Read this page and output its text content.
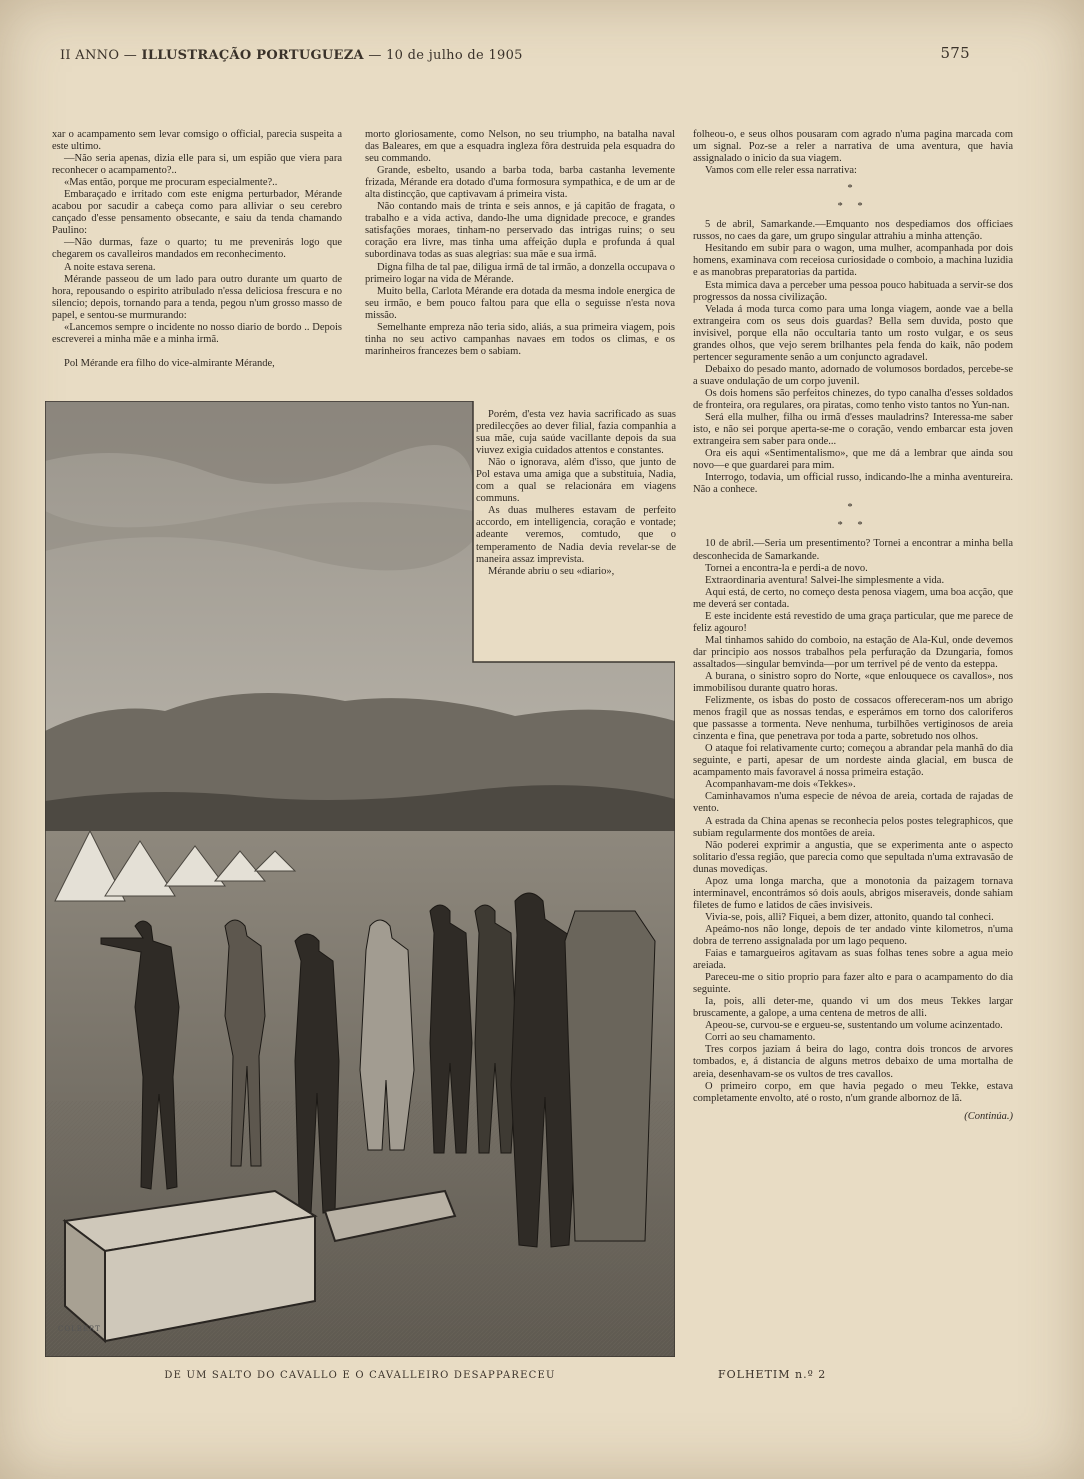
II ANNO — ILLUSTRAÇÃO PORTUGUEZA — 10 de julho de 1905	575

xar o acampamento sem levar comsigo o official, parecia suspeita a este ultimo.

—Não seria apenas, dizia elle para si, um espião que viera para reconhecer o acampamento?..

«Mas então, porque me procuram especialmente?..

Embaraçado e irritado com este enigma perturbador, Mérande acabou por sacudir a cabeça como para alliviar o seu cerebro cançado d'esse pensamento obsecante, e saiu da tenda chamando Paulino:

—Não durmas, faze o quarto; tu me prevenirás logo que chegarem os cavalleiros mandados em reconhecimento.

A noite estava serena.

Mérande passeou de um lado para outro durante um quarto de hora, repousando o espirito atribulado n'essa deliciosa frescura e no silencio; depois, tornando para a tenda, pegou n'um grosso masso de papel, e sentou-se murmurando:

«Lancemos sempre o incidente no nosso diario de bordo .. Depois escreverei a minha mãe e a minha irmã.

Pol Mérande era filho do vice-almirante Mérande,

morto gloriosamente, como Nelson, no seu triumpho, na batalha naval das Baleares, em que a esquadra ingleza fôra destruida pela esquadra do seu commando.

Grande, esbelto, usando a barba toda, barba castanha levemente frizada, Mérande era dotado d'uma formosura sympathica, e de um ar de alta distincção, que captivavam á primeira vista.

Não contando mais de trinta e seis annos, e já capitão de fragata, o trabalho e a vida activa, dando-lhe uma dignidade precoce, e grandes satisfações moraes, tinham-no perservado das intrigas ruins; o seu coração era livre, mas tinha uma affeição dupla e profunda á qual subordinava todas as suas alegrias: sua mãe e sua irmã.

Digna filha de tal pae, diligua irmã de tal irmão, a donzella occupava o primeiro logar na vida de Mérande.

Muito bella, Carlota Mérande era dotada da mesma indole energica de seu irmão, e bem pouco faltou para que ella o seguisse n'esta nova missão.

Semelhante empreza não teria sido, aliás, a sua primeira viagem, pois tinha no seu activo campanhas navaes em todos os climas, e os marinheiros francezes bem o sabiam.

Porém, d'esta vez havia sacrificado as suas predilecções ao dever filial, fazia companhia a sua mãe, cuja saúde vacillante depois da sua viuvez exigia cuidados attentos e constantes.

Não o ignorava, além d'isso, que junto de Pol estava uma amiga que a substituia, Nadia, com a qual se relacionára em viagens communs.

As duas mulheres estavam de perfeito accordo, em intelligencia, coração e vontade; adeante veremos, comtudo, que o temperamento de Nadia devia revelar-se de maneira assaz imprevista.

Mérande abriu o seu «diario»,

folheou-o, e seus olhos pousaram com agrado n'uma pagina marcada com um signal. Poz-se a reler a narrativa de uma aventura, que havia assignalado o inicio da sua viagem.

Vamos com elle reler essa narrativa:

*

* *

5 de abril, Samarkande.—Emquanto nos despediamos dos officiaes russos, no caes da gare, um grupo singular attrahiu a minha attenção.

Hesitando em subir para o wagon, uma mulher, acompanhada por dois homens, examinava com receiosa curiosidade o comboio, a machina luzidia e as manobras preparatorias da partida.

Esta mimica dava a perceber uma pessoa pouco habituada a servir-se dos progressos da nossa civilização.

Velada á moda turca como para uma longa viagem, aonde vae a bella extrangeira com os seus dois guardas? Bella sem duvida, posto que invisivel, porque ella não occultaria tanto um rosto vulgar, e os seus grandes olhos, que vejo serem brilhantes pela fenda do kaik, não podem pertencer seguramente senão a um conjuncto agradavel.

Debaixo do pesado manto, adornado de volumosos bordados, percebe-se a suave ondulação de um corpo juvenil.

Os dois homens são perfeitos chinezes, do typo canalha d'esses soldados de fronteira, ora regulares, ora piratas, como tenho visto tantos no Yun-nan.

Será ella mulher, filha ou irmã d'esses mauladrins? Interessa-me saber isto, e não sei porque aperta-se-me o coração, vendo embarcar esta joven extrangeira sem saber para onde...

Ora eis aqui «Sentimentalismo», que me dá a lembrar que ainda sou novo—e que guardarei para mim.

Interrogo, todavia, um official russo, indicando-lhe a minha aventureira. Não a conhece.

*

* *

10 de abril.—Seria um presentimento? Tornei a encontrar a minha bella desconhecida de Samarkande.

Tornei a encontra-la e perdi-a de novo.

Extraordinaria aventura! Salvei-lhe simplesmente a vida.

Aqui está, de certo, no começo desta penosa viagem, uma boa acção, que me deverá ser contada.

E este incidente está revestido de uma graça particular, que me parece de feliz agouro!

Mal tinhamos sahido do comboio, na estação de Ala-Kul, onde devemos dar principio aos nossos trabalhos pela perfuração da Dzungaria, fomos assaltados—singular bemvinda—por um terrivel pé de vento da esteppa.

A burana, o sinistro sopro do Norte, «que enlouquece os cavallos», nos immobilisou durante quatro horas.

Felizmente, os isbas do posto de cossacos offereceram-nos um abrigo menos fragil que as nossas tendas, e esperámos em torno dos caloriferos que passasse a tormenta. Neve nenhuma, turbilhões vertiginosos de areia cinzenta e fina, que penetrava por toda a parte, sobretudo nos olhos.

O ataque foi relativamente curto; começou a abrandar pela manhã do dia seguinte, e parti, apesar de um nordeste ainda glacial, em busca de acampamento mais favoravel á nossa primeira estação.

Acompanhavam-me dois «Tekkes».

Caminhavamos n'uma especie de névoa de areia, cortada de rajadas de vento.

A estrada da China apenas se reconhecia pelos postes telegraphicos, que subiam regularmente dos montões de areia.

Não poderei exprimir a angustia, que se experimenta ante o aspecto solitario d'essa região, que parecia como que sepultada n'uma extravasão de dunas movediças.

Apoz uma longa marcha, que a monotonia da paizagem tornava interminavel, encontrámos só dois aouls, abrigos miseraveis, donde sahiam filetes de fumo e latidos de cães invisiveis.

Vivia-se, pois, alli? Fiquei, a bem dizer, attonito, quando tal conheci.

Apeámo-nos não longe, depois de ter andado vinte kilometros, n'uma dobra de terreno assignalada por um lago pequeno.

Faias e tamargueiros agitavam as suas folhas tenes sobre a agua meio areiada.

Pareceu-me o sitio proprio para fazer alto e para o acampamento do dia seguinte.

Ia, pois, alli deter-me, quando vi um dos meus Tekkes largar bruscamente, a galope, a uma centena de metros de alli.

Apeou-se, curvou-se e ergueu-se, sustentando um volume acinzentado.

Corri ao seu chamamento.

Tres corpos jaziam á beira do lago, contra dois troncos de arvores tombados, e, á distancia de alguns metros debaixo de uma mortalha de areia, desenhavam-se os vultos de tres cavallos.

O primeiro corpo, em que havia pegado o meu Tekke, estava completamente envolto, até o rosto, n'um grande albornoz de lã.

(Continúa.)

COLBERT
DE UM SALTO DO CAVALLO E O CAVALLEIRO DESAPPARECEU	FOLHETIM n.º 2
